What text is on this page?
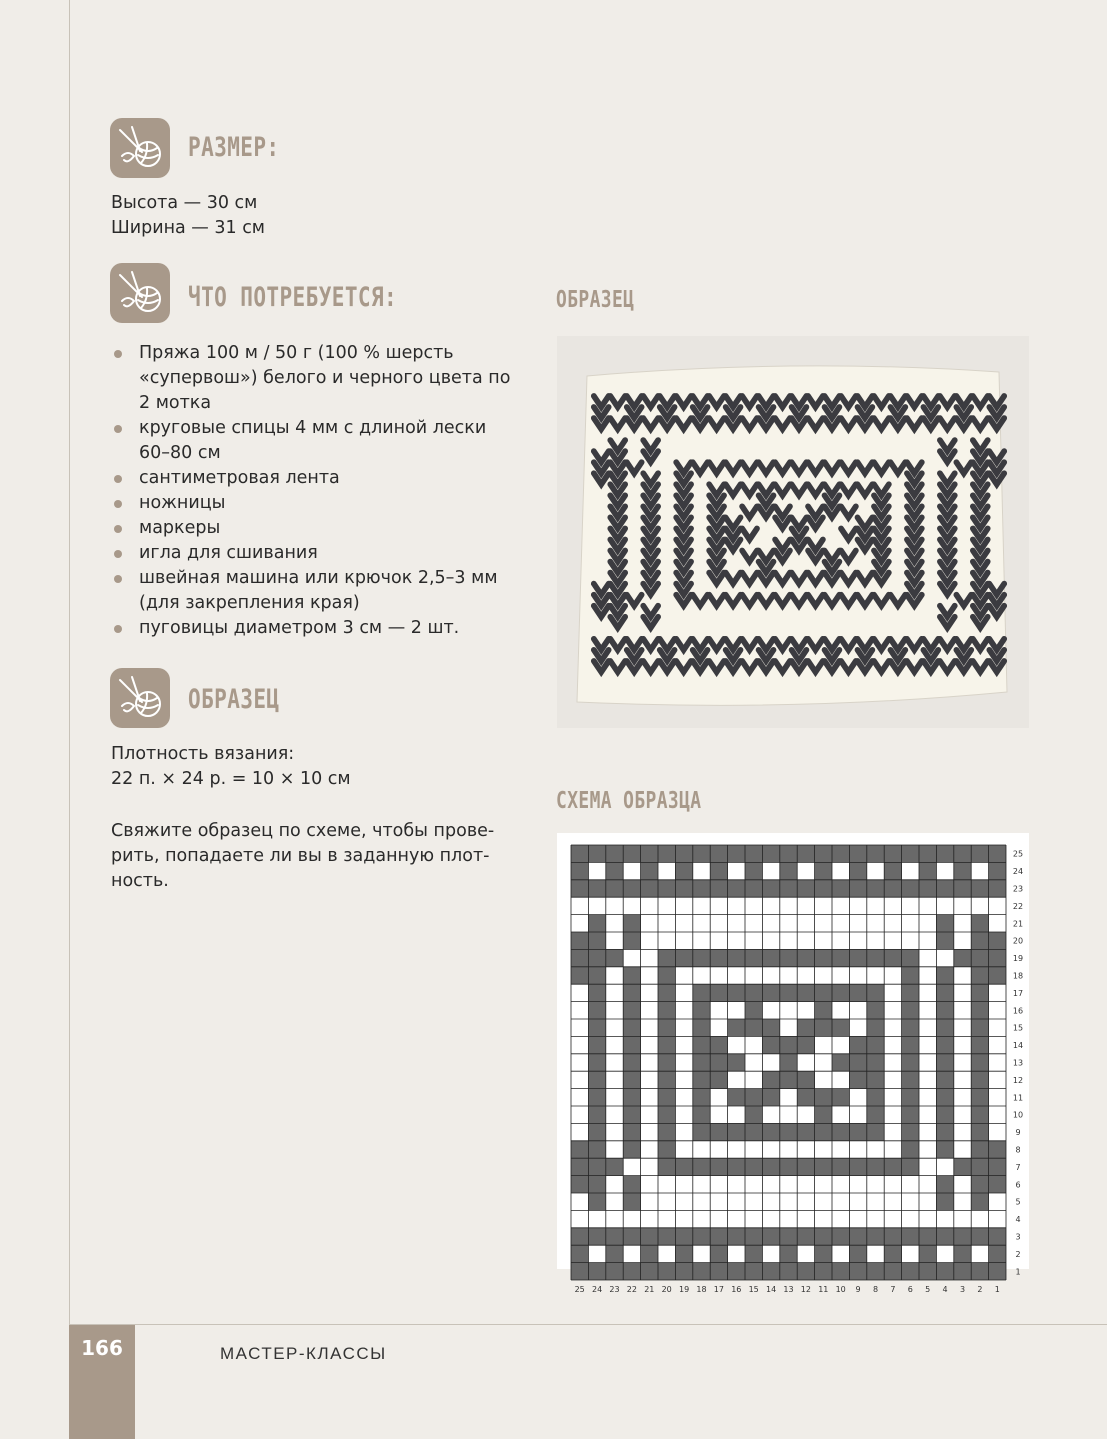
РАЗМЕР:
Высота — 30 см
Ширина — 31 см
ЧТО ПОТРЕБУЕТСЯ:
Пряжа 100 м / 50 г (100 % шерсть «супервош») белого и черного цвета по 2 мотка
круговые спицы 4 мм с длиной лески 60–80 см
сантиметровая лента
ножницы
маркеры
игла для сшивания
швейная машина или крючок 2,5–3 мм (для закрепления края)
пуговицы диаметром 3 см — 2 шт.
ОБРАЗЕЦ
Плотность вязания:
22 п. × 24 р. = 10 × 10 см
Свяжите образец по схеме, чтобы прове-рить, попадаете ли вы в заданную плот-ность.
ОБРАЗЕЦ
СХЕМА ОБРАЗЦА
25 24 23 22 21 20 19 18 17 16 15 14 13 12 11 10 9 8 7 6 5 4 3 2 1
25
24
23
22
21
20
19
18
17
16
15
14
13
12
11
10
9
8
7
6
5
4
3
2
1
166	МАСТЕР-КЛАССЫ
